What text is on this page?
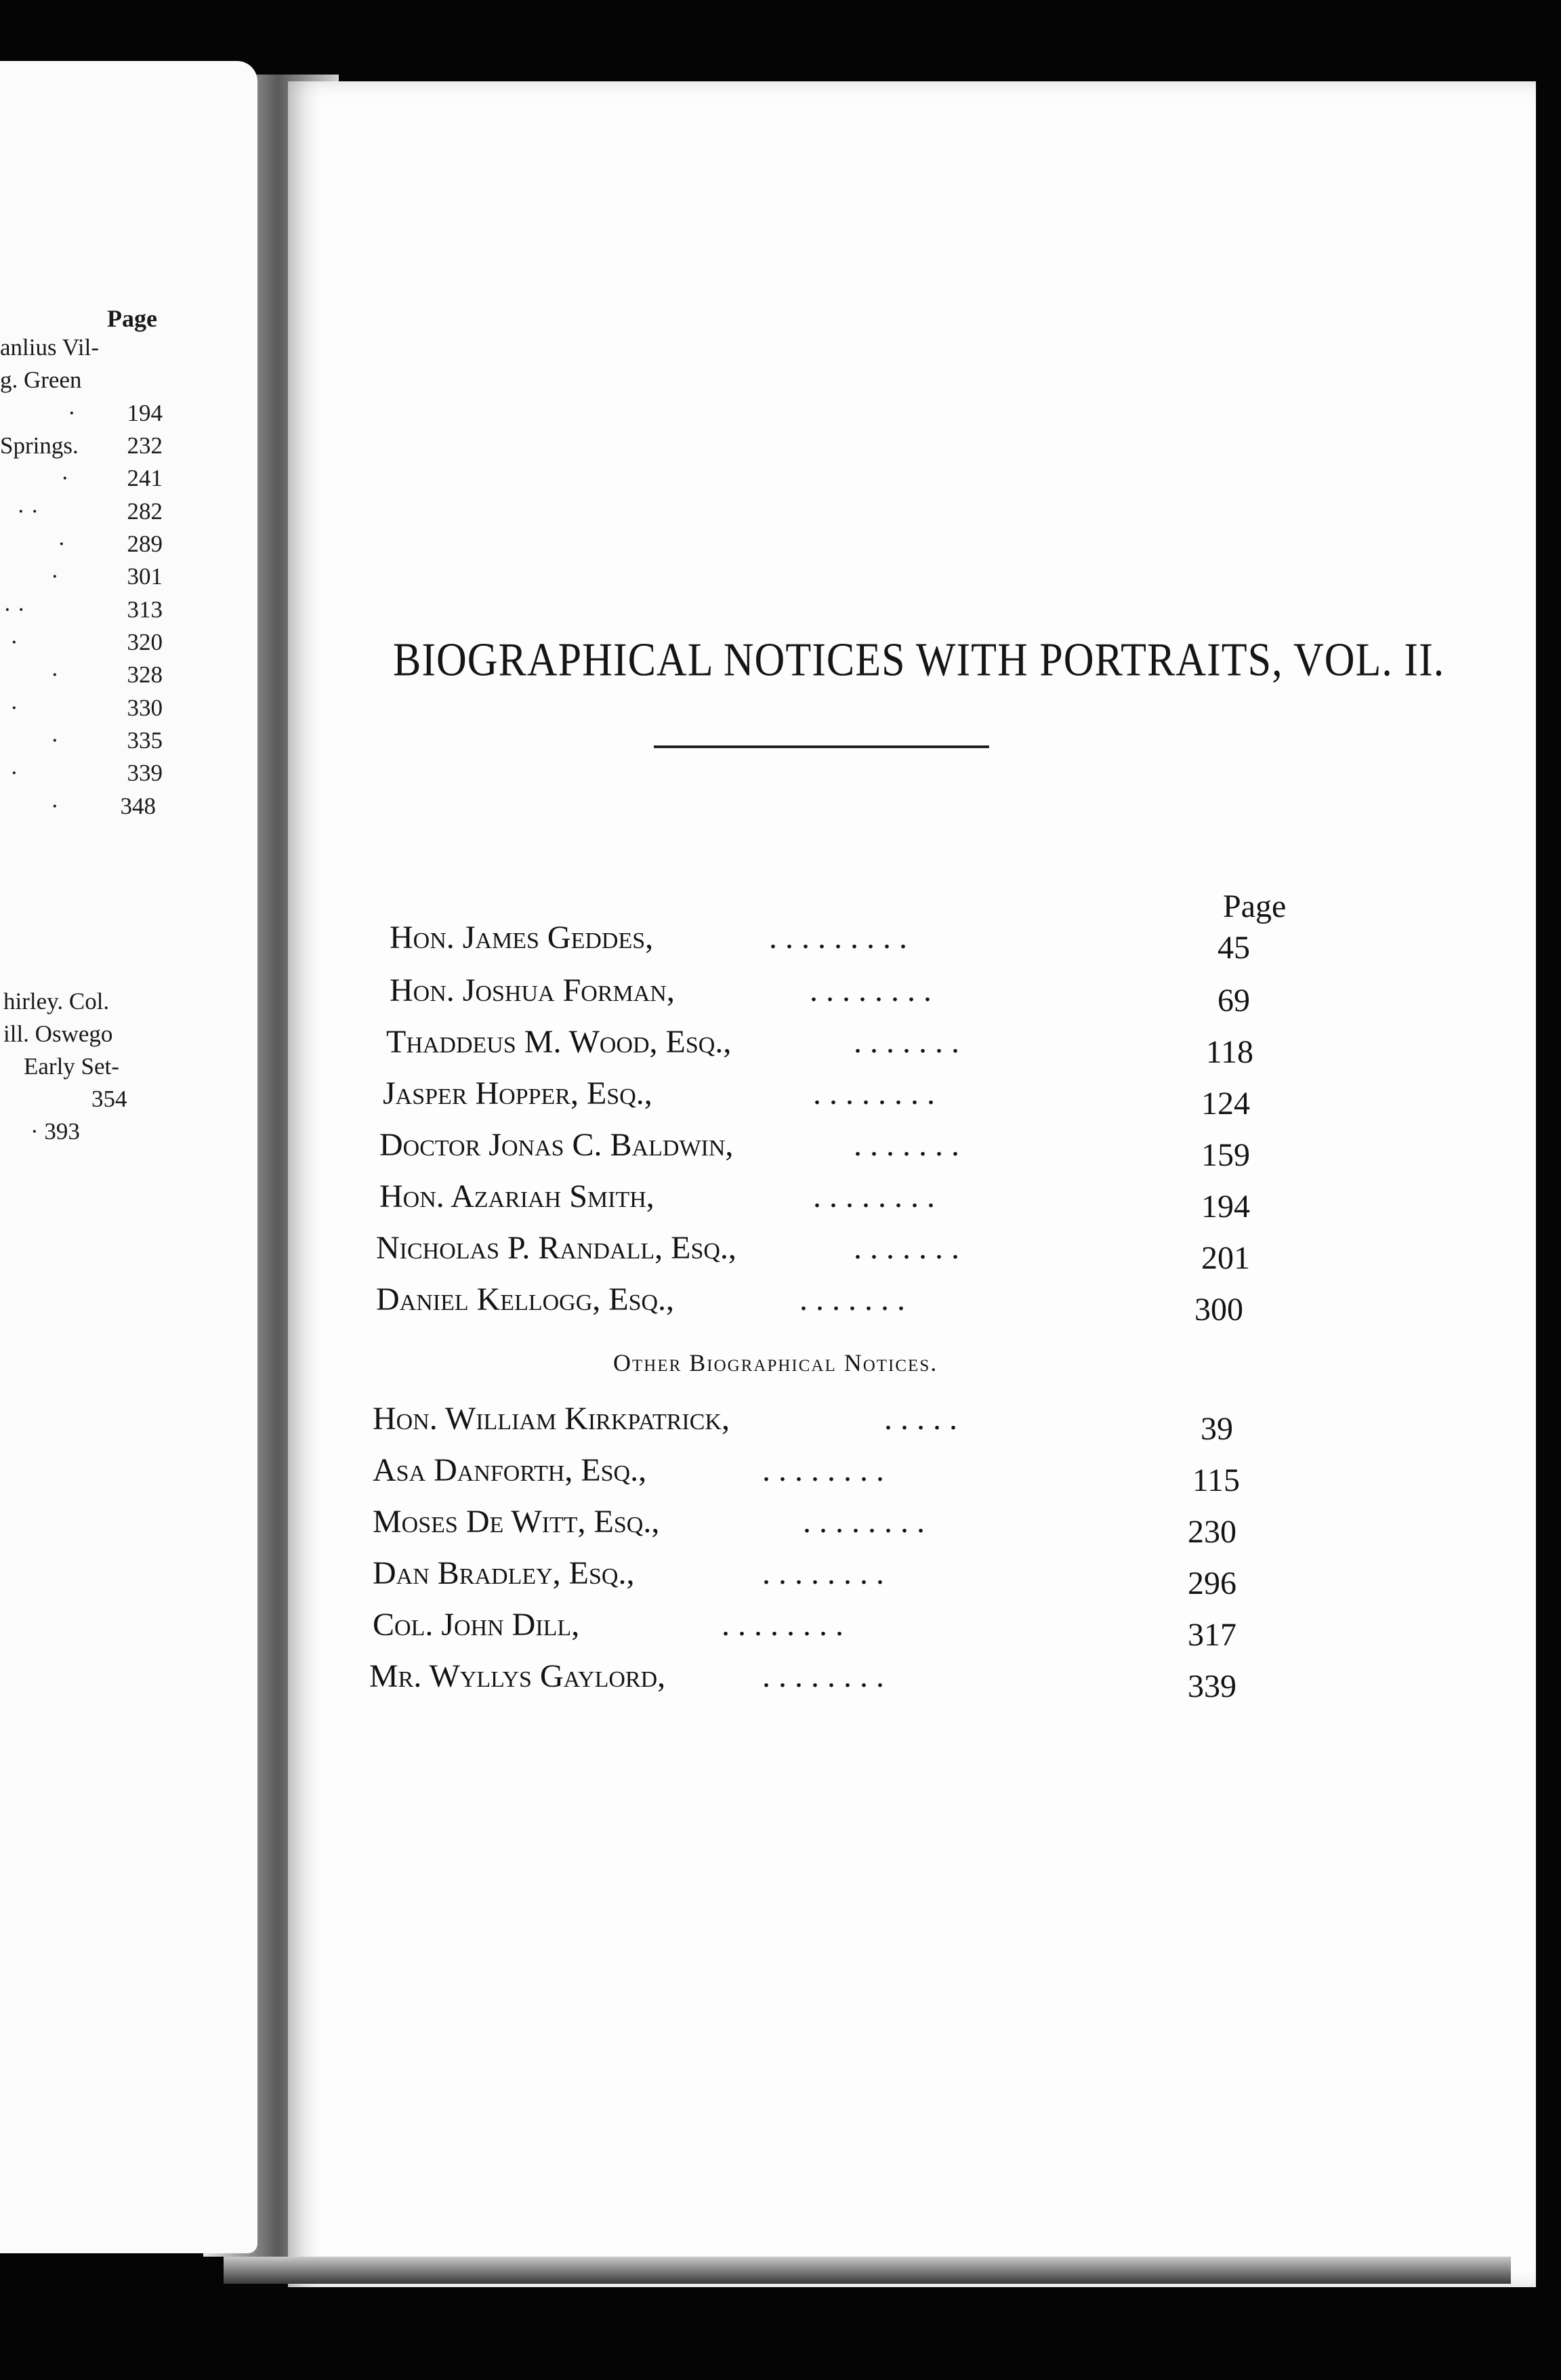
Page
anlius Vil-
g. Green
·	194
Springs.	232
·	241
· ·	282
·	289
·	301
· ·	313
·	320
·	328
·	330
·	335
·	339
·	348
hirley. Col.
ill. Oswego
Early Set-
354
· 393
BIOGRAPHICAL NOTICES WITH PORTRAITS, VOL. II.
Page
Hon. James Geddes,	. . . . . . . . .	45
Hon. Joshua Forman,	. . . . . . . .	69
Thaddeus M. Wood, Esq.,	. . . . . . .	118
Jasper Hopper, Esq.,	. . . . . . . .	124
Doctor Jonas C. Baldwin,	. . . . . . .	159
Hon. Azariah Smith,	. . . . . . . .	194
Nicholas P. Randall, Esq.,	. . . . . . .	201
Daniel Kellogg, Esq.,	. . . . . . .	300
Other Biographical Notices.
Hon. William Kirkpatrick,	. . . . .	39
Asa Danforth, Esq.,	. . . . . . . .	115
Moses De Witt, Esq.,	. . . . . . . .	230
Dan Bradley, Esq.,	. . . . . . . .	296
Col. John Dill,	. . . . . . . .	317
Mr. Wyllys Gaylord,	. . . . . . . .	339
